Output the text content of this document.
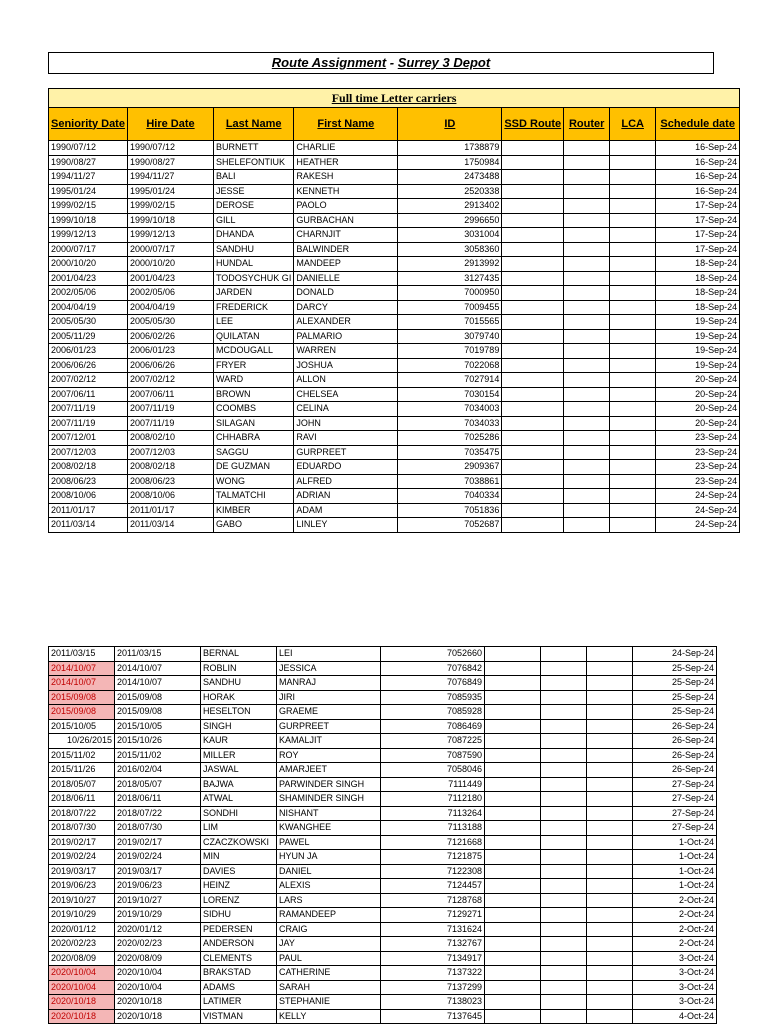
Route Assignment - Surrey 3 Depot
Full time Letter carriers								
Seniority Date	Hire Date	Last Name	First Name	ID	SSD Route	Router	LCA	Schedule date
1990/07/12	1990/07/12	BURNETT	CHARLIE	1738879				16-Sep-24
1990/08/27	1990/08/27	SHELEFONTIUK	HEATHER	1750984				16-Sep-24
1994/11/27	1994/11/27	BALI	RAKESH	2473488				16-Sep-24
1995/01/24	1995/01/24	JESSE	KENNETH	2520338				16-Sep-24
1999/02/15	1999/02/15	DEROSE	PAOLO	2913402				17-Sep-24
1999/10/18	1999/10/18	GILL	GURBACHAN	2996650				17-Sep-24
1999/12/13	1999/12/13	DHANDA	CHARNJIT	3031004				17-Sep-24
2000/07/17	2000/07/17	SANDHU	BALWINDER	3058360				17-Sep-24
2000/10/20	2000/10/20	HUNDAL	MANDEEP	2913992				18-Sep-24
2001/04/23	2001/04/23	TODOSYCHUK GI	DANIELLE	3127435				18-Sep-24
2002/05/06	2002/05/06	JARDEN	DONALD	7000950				18-Sep-24
2004/04/19	2004/04/19	FREDERICK	DARCY	7009455				18-Sep-24
2005/05/30	2005/05/30	LEE	ALEXANDER	7015565				19-Sep-24
2005/11/29	2006/02/26	QUILATAN	PALMARIO	3079740				19-Sep-24
2006/01/23	2006/01/23	MCDOUGALL	WARREN	7019789				19-Sep-24
2006/06/26	2006/06/26	FRYER	JOSHUA	7022068				19-Sep-24
2007/02/12	2007/02/12	WARD	ALLON	7027914				20-Sep-24
2007/06/11	2007/06/11	BROWN	CHELSEA	7030154				20-Sep-24
2007/11/19	2007/11/19	COOMBS	CELINA	7034003				20-Sep-24
2007/11/19	2007/11/19	SILAGAN	JOHN	7034033				20-Sep-24
2007/12/01	2008/02/10	CHHABRA	RAVI	7025286				23-Sep-24
2007/12/03	2007/12/03	SAGGU	GURPREET	7035475				23-Sep-24
2008/02/18	2008/02/18	DE GUZMAN	EDUARDO	2909367				23-Sep-24
2008/06/23	2008/06/23	WONG	ALFRED	7038861				23-Sep-24
2008/10/06	2008/10/06	TALMATCHI	ADRIAN	7040334				24-Sep-24
2011/01/17	2011/01/17	KIMBER	ADAM	7051836				24-Sep-24
2011/03/14	2011/03/14	GABO	LINLEY	7052687				24-Sep-24
2011/03/15	2011/03/15	BERNAL	LEI	7052660				24-Sep-24
2014/10/07	2014/10/07	ROBLIN	JESSICA	7076842				25-Sep-24
2014/10/07	2014/10/07	SANDHU	MANRAJ	7076849				25-Sep-24
2015/09/08	2015/09/08	HORAK	JIRI	7085935				25-Sep-24
2015/09/08	2015/09/08	HESELTON	GRAEME	7085928				25-Sep-24
2015/10/05	2015/10/05	SINGH	GURPREET	7086469				26-Sep-24
10/26/2015	2015/10/26	KAUR	KAMALJIT	7087225				26-Sep-24
2015/11/02	2015/11/02	MILLER	ROY	7087590				26-Sep-24
2015/11/26	2016/02/04	JASWAL	AMARJEET	7058046				26-Sep-24
2018/05/07	2018/05/07	BAJWA	PARWINDER SINGH	7111449				27-Sep-24
2018/06/11	2018/06/11	ATWAL	SHAMINDER SINGH	7112180				27-Sep-24
2018/07/22	2018/07/22	SONDHI	NISHANT	7113264				27-Sep-24
2018/07/30	2018/07/30	LIM	KWANGHEE	7113188				27-Sep-24
2019/02/17	2019/02/17	CZACZKOWSKI	PAWEL	7121668				1-Oct-24
2019/02/24	2019/02/24	MIN	HYUN JA	7121875				1-Oct-24
2019/03/17	2019/03/17	DAVIES	DANIEL	7122308				1-Oct-24
2019/06/23	2019/06/23	HEINZ	ALEXIS	7124457				1-Oct-24
2019/10/27	2019/10/27	LORENZ	LARS	7128768				2-Oct-24
2019/10/29	2019/10/29	SIDHU	RAMANDEEP	7129271				2-Oct-24
2020/01/12	2020/01/12	PEDERSEN	CRAIG	7131624				2-Oct-24
2020/02/23	2020/02/23	ANDERSON	JAY	7132767				2-Oct-24
2020/08/09	2020/08/09	CLEMENTS	PAUL	7134917				3-Oct-24
2020/10/04	2020/10/04	BRAKSTAD	CATHERINE	7137322				3-Oct-24
2020/10/04	2020/10/04	ADAMS	SARAH	7137299				3-Oct-24
2020/10/18	2020/10/18	LATIMER	STEPHANIE	7138023				3-Oct-24
2020/10/18	2020/10/18	VISTMAN	KELLY	7137645				4-Oct-24
